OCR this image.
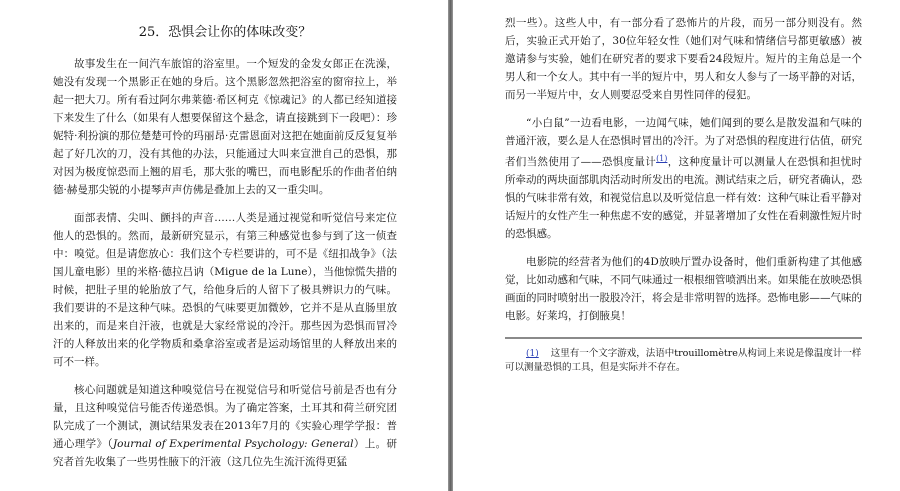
25．恐惧会让你的体味改变？

故事发生在一间汽车旅馆的浴室里。一个短发的金发女郎正在洗澡，她没有发现一个黑影正在她的身后。这个黑影忽然把浴室的窗帘拉上，举起一把大刀。所有看过阿尔弗莱德·希区柯克《惊魂记》的人都已经知道接下来发生了什么（如果有人想要保留这个悬念，请直接跳到下一段吧）：珍妮特·利扮演的那位楚楚可怜的玛丽昂·克雷恩面对这把在她面前反反复复举起了好几次的刀，没有其他的办法，只能通过大叫来宣泄自己的恐惧，那对因为极度惊恐而上翘的眉毛，那大张的嘴巴，而电影配乐的作曲者伯纳德·赫曼那尖锐的小提琴声声仿佛是叠加上去的又一重尖叫。

面部表情、尖叫、颤抖的声音……人类是通过视觉和听觉信号来定位他人的恐惧的。然而，最新研究显示，有第三种感觉也参与到了这一侦查中：嗅觉。但是请您放心：我们这个专栏要讲的，可不是《纽扣战争》（法国儿童电影）里的米格·德拉吕讷（Migue de la Lune），当他惊慌失措的时候，把肚子里的轮胎放了气，给他身后的人留下了极具辨识力的气味。我们要讲的不是这种气味。恐惧的气味要更加微妙，它并不是从直肠里放出来的，而是来自汗液，也就是大家经常说的冷汗。那些因为恐惧而冒冷汗的人释放出来的化学物质和桑拿浴室或者是运动场馆里的人释放出来的可不一样。

核心问题就是知道这种嗅觉信号在视觉信号和听觉信号前是否也有分量，且这种嗅觉信号能否传递恐惧。为了确定答案，土耳其和荷兰研究团队完成了一个测试，测试结果发表在2013年7月的《实验心理学学报：普通心理学》（Journal of Experimental Psychology: General）上。研究者首先收集了一些男性腋下的汗液（这几位先生流汗流得更猛

烈一些）。这些人中，有一部分看了恐怖片的片段，而另一部分则没有。然后，实验正式开始了，30位年轻女性（她们对气味和情绪信号都更敏感）被邀请参与实验，她们在研究者的要求下要看24段短片。短片的主角总是一个男人和一个女人。其中有一半的短片中，男人和女人参与了一场平静的对话，而另一半短片中，女人则要忍受来自男性同伴的侵犯。

“小白鼠”一边看电影，一边闻气味，她们闻到的要么是散发温和气味的普通汗液，要么是人在恐惧时冒出的冷汗。为了对恐惧的程度进行估值，研究者们当然使用了——恐惧度量计$^{(1)}$，这种度量计可以测量人在恐惧和担忧时所牵动的两块面部肌肉活动时所发出的电流。测试结束之后，研究者确认，恐惧的气味非常有效，和视觉信息以及听觉信息一样有效：这种气味让看平静对话短片的女性产生一种焦虑不安的感觉，并显著增加了女性在看刺激性短片时的恐惧感。

电影院的经营者为他们的4D放映厅置办设备时，他们重新构建了其他感觉，比如动感和气味，不同气味通过一根根细管喷洒出来。如果能在放映恐惧画面的同时喷射出一股股冷汗，将会是非常明智的选择。恐怖电影——气味的电影。好莱坞，打倒腋臭！

(1) 这里有一个文字游戏，法语中trouillomètre从构词上来说是像温度计一样可以测量恐惧的工具，但是实际并不存在。
